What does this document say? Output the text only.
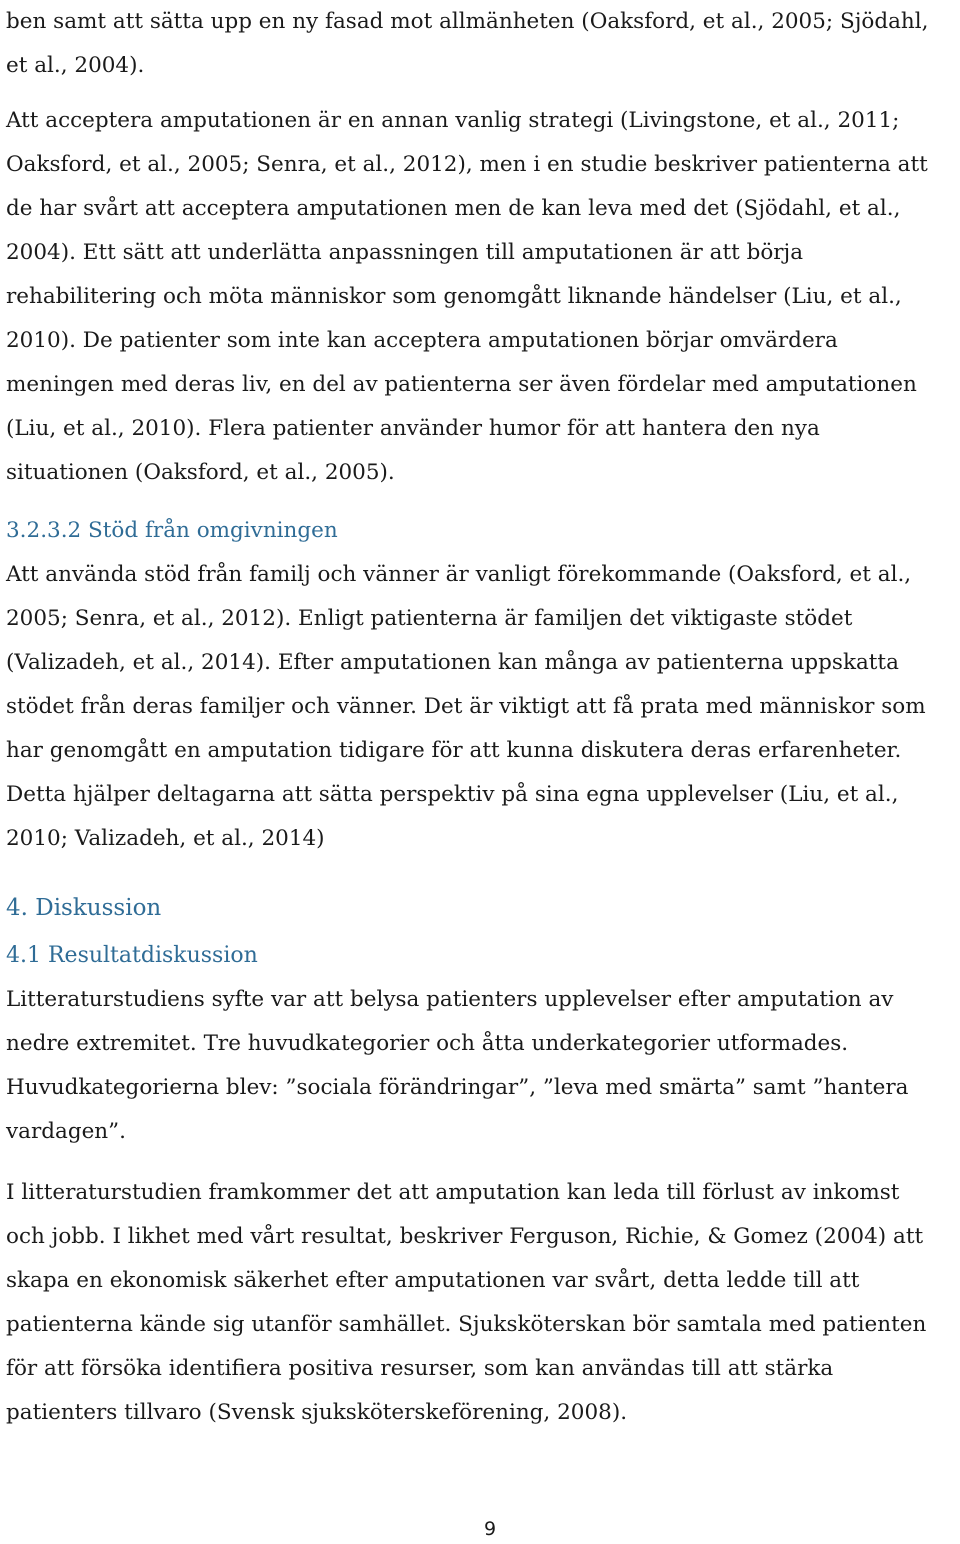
ben samt att sätta upp en ny fasad mot allmänheten (Oaksford, et al., 2005; Sjödahl,
et al., 2004).
Att acceptera amputationen är en annan vanlig strategi (Livingstone, et al., 2011;
Oaksford, et al., 2005; Senra, et al., 2012), men i en studie beskriver patienterna att
de har svårt att acceptera amputationen men de kan leva med det (Sjödahl, et al.,
2004). Ett sätt att underlätta anpassningen till amputationen är att börja
rehabilitering och möta människor som genomgått liknande händelser (Liu, et al.,
2010). De patienter som inte kan acceptera amputationen börjar omvärdera
meningen med deras liv, en del av patienterna ser även fördelar med amputationen
(Liu, et al., 2010). Flera patienter använder humor för att hantera den nya
situationen (Oaksford, et al., 2005).
3.2.3.2 Stöd från omgivningen
Att använda stöd från familj och vänner är vanligt förekommande (Oaksford, et al.,
2005; Senra, et al., 2012). Enligt patienterna är familjen det viktigaste stödet
(Valizadeh, et al., 2014). Efter amputationen kan många av patienterna uppskatta
stödet från deras familjer och vänner. Det är viktigt att få prata med människor som
har genomgått en amputation tidigare för att kunna diskutera deras erfarenheter.
Detta hjälper deltagarna att sätta perspektiv på sina egna upplevelser (Liu, et al.,
2010; Valizadeh, et al., 2014)
4. Diskussion
4.1 Resultatdiskussion
Litteraturstudiens syfte var att belysa patienters upplevelser efter amputation av
nedre extremitet. Tre huvudkategorier och åtta underkategorier utformades.
Huvudkategorierna blev: ”sociala förändringar”, ”leva med smärta” samt ”hantera
vardagen”.
I litteraturstudien framkommer det att amputation kan leda till förlust av inkomst
och jobb. I likhet med vårt resultat, beskriver Ferguson, Richie, & Gomez (2004) att
skapa en ekonomisk säkerhet efter amputationen var svårt, detta ledde till att
patienterna kände sig utanför samhället. Sjuksköterskan bör samtala med patienten
för att försöka identifiera positiva resurser, som kan användas till att stärka
patienters tillvaro (Svensk sjuksköterskeförening, 2008).
9
